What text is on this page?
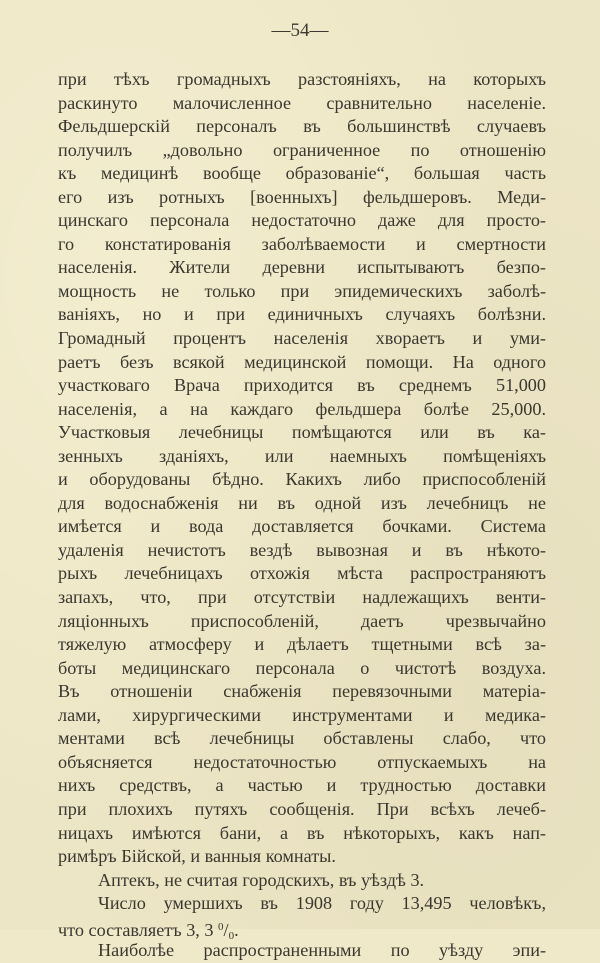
—54—
при тѣхъ громадныхъ разстояніяхъ, на которыхъ
раскинуто малочисленное сравнительно населеніе.
Фельдшерскій персоналъ въ большинствѣ случаевъ
получилъ „довольно ограниченное по отношенію
къ медицинѣ вообще образованіе“, большая часть
его изъ ротныхъ [военныхъ] фельдшеровъ. Меди-
цинскаго персонала недостаточно даже для просто-
го констатированія заболѣваемости и смертности
населенія. Жители деревни испытываютъ безпо-
мощность не только при эпидемическихъ заболѣ-
ваніяхъ, но и при единичныхъ случаяхъ болѣзни.
Громадный процентъ населенія хвораетъ и уми-
раетъ безъ всякой медицинской помощи. На одного
участковаго Врача приходится въ среднемъ 51,000
населенія, а на каждаго фельдшера болѣе 25,000.
Участковыя лечебницы помѣщаются или въ ка-
зенныхъ зданіяхъ, или наемныхъ помѣщеніяхъ
и оборудованы бѣдно. Какихъ либо приспособленій
для водоснабженія ни въ одной изъ лечебницъ не
имѣется и вода доставляется бочками. Система
удаленія нечистотъ вездѣ вывозная и въ нѣкото-
рыхъ лечебницахъ отхожія мѣста распространяютъ
запахъ, что, при отсутствіи надлежащихъ венти-
ляціонныхъ приспособленій, даетъ чрезвычайно
тяжелую атмосферу и дѣлаетъ тщетными всѣ за-
боты медицинскаго персонала о чистотѣ воздуха.
Въ отношеніи снабженія перевязочными матеріа-
лами, хирургическими инструментами и медика-
ментами всѣ лечебницы обставлены слабо, что
объясняется недостаточностью отпускаемыхъ на
нихъ средствъ, а частью и трудностью доставки
при плохихъ путяхъ сообщенія. При всѣхъ лечеб-
ницахъ имѣются бани, а въ нѣкоторыхъ, какъ нап-
римѣръ Бійской, и ванныя комнаты.
Аптекъ, не считая городскихъ, въ уѣздѣ 3.
Число умершихъ въ 1908 году 13,495 человѣкъ,
что составляетъ 3, 3 $^0/_0$.
Наиболѣе распространенными по уѣзду эпи-
